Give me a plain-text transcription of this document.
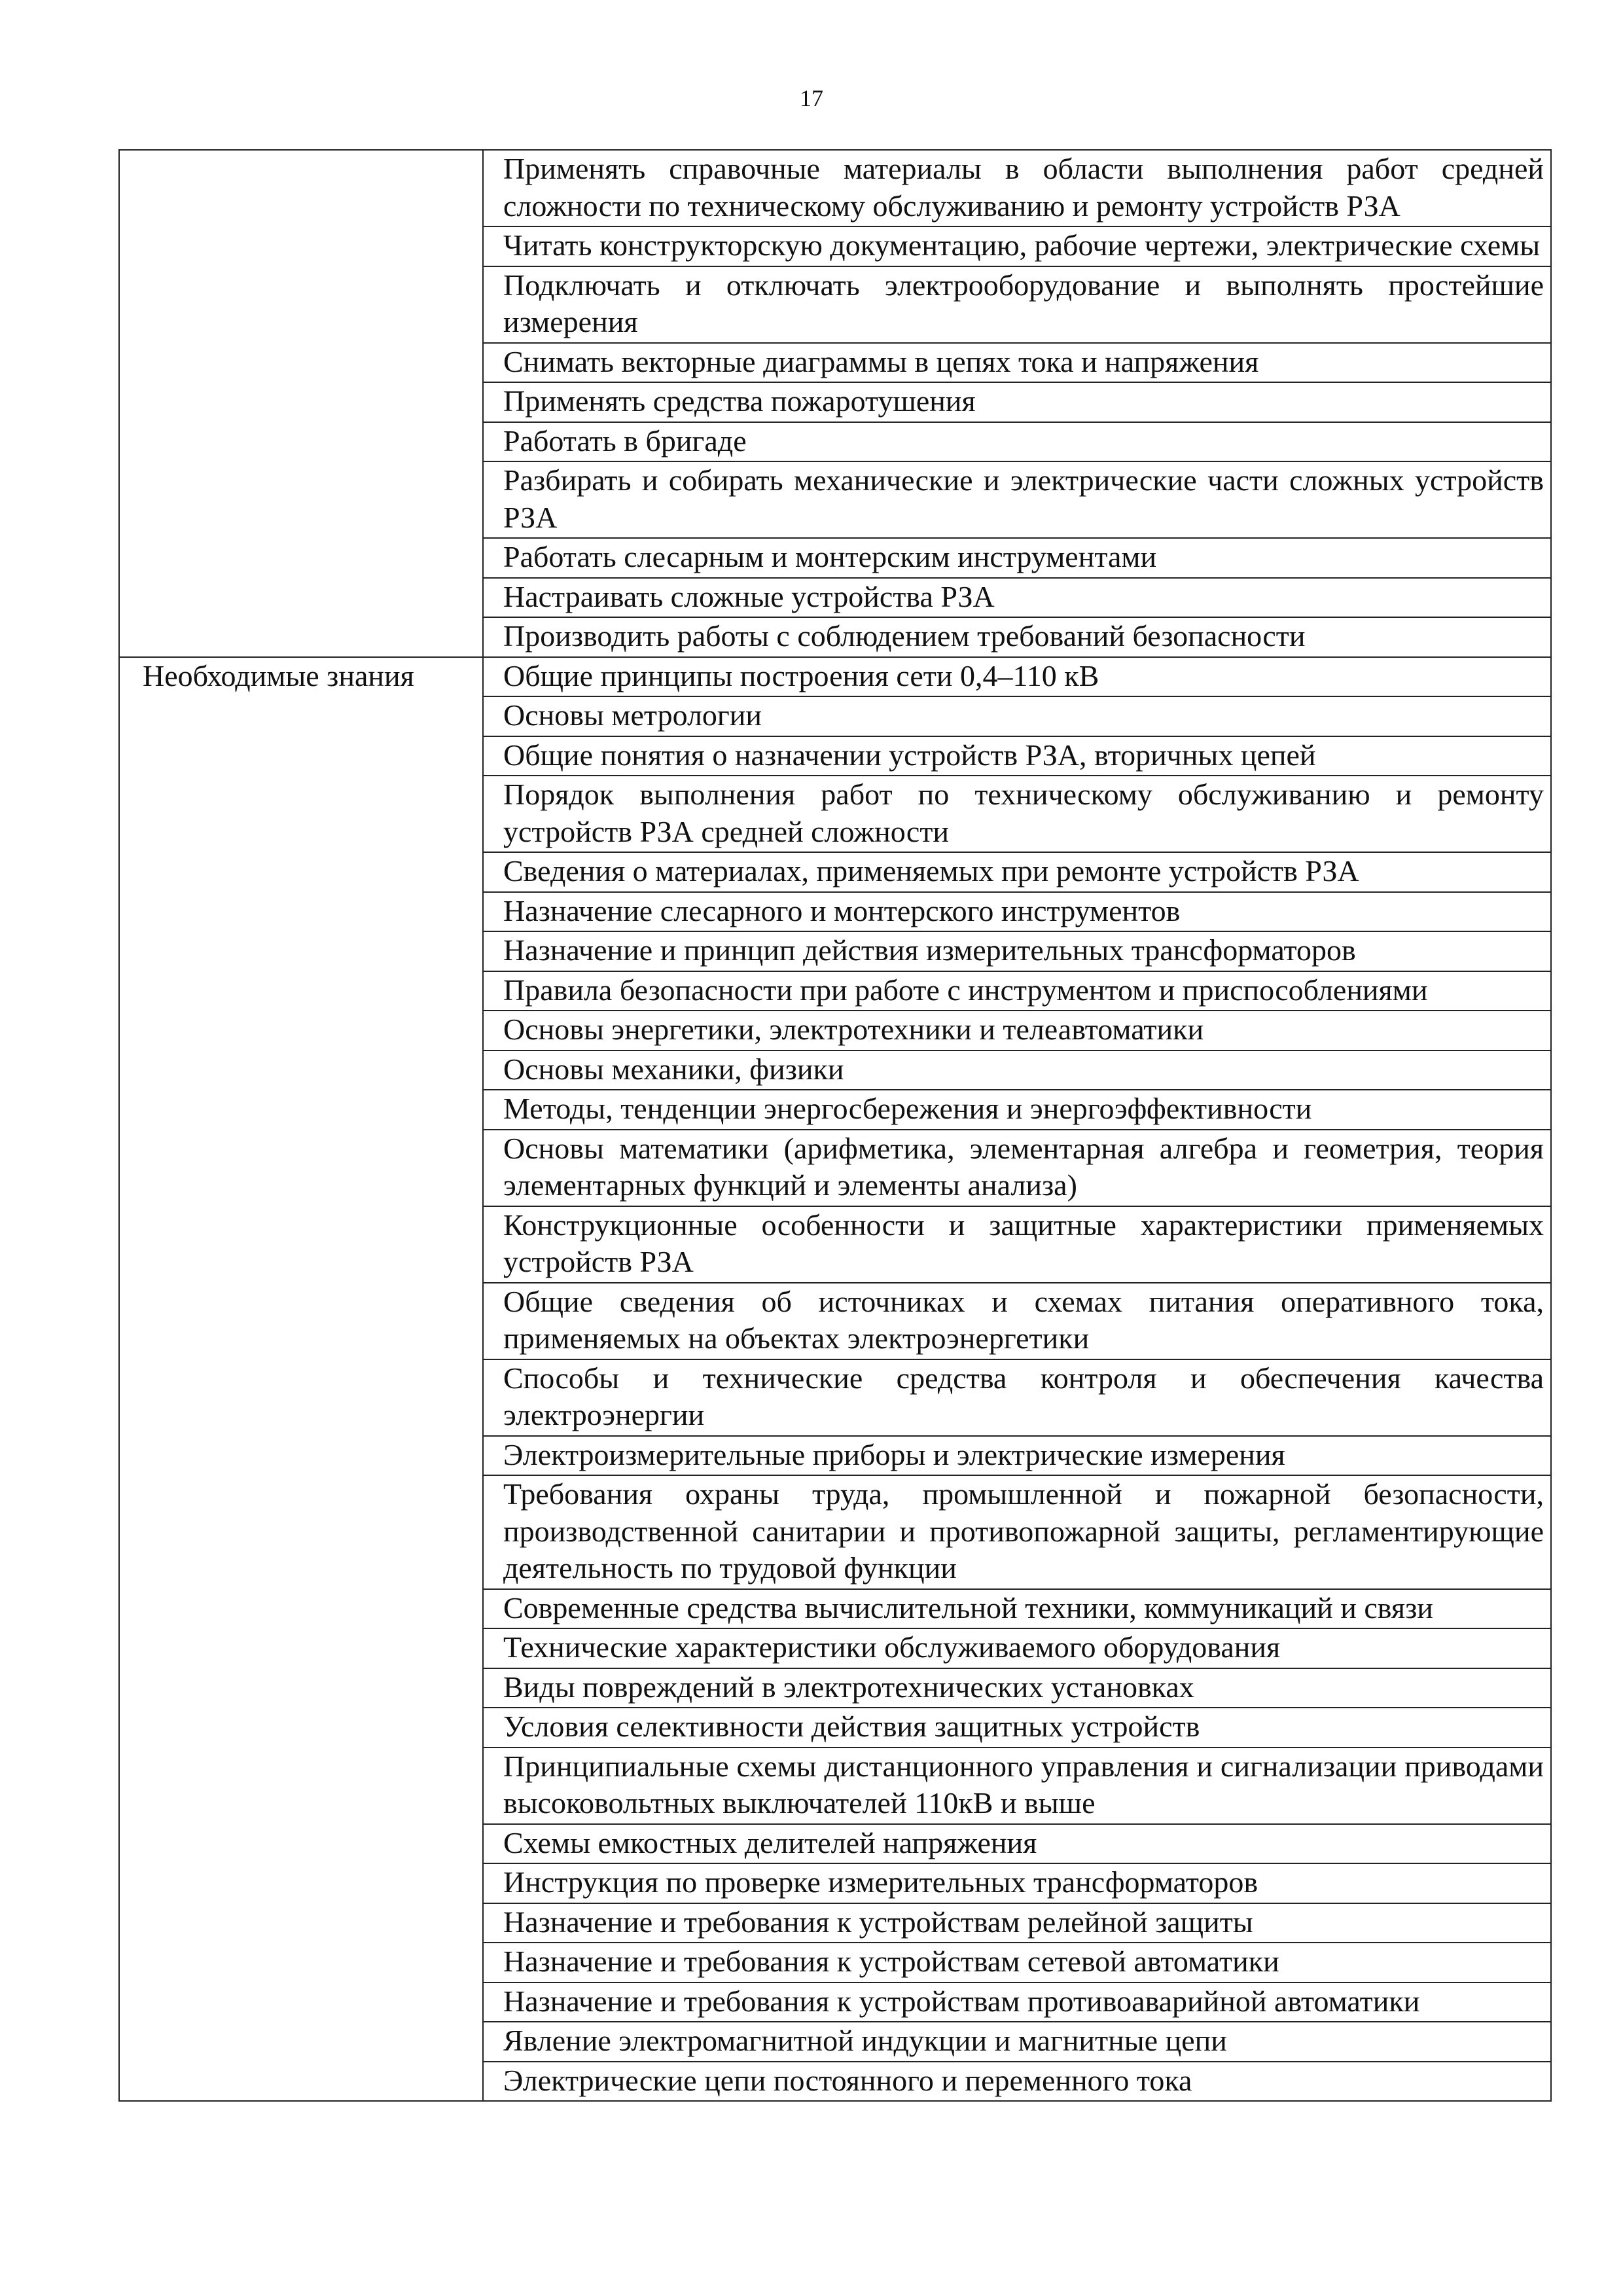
17
	Применять справочные материалы в области выполнения работ средней сложности по техническому обслуживанию и ремонту устройств РЗА
	Читать конструкторскую документацию, рабочие чертежи, электрические схемы
	Подключать и отключать электрооборудование и выполнять простейшие измерения
	Снимать векторные диаграммы в цепях тока и напряжения
	Применять средства пожаротушения
	Работать в бригаде
	Разбирать и собирать механические и электрические части сложных устройств РЗА
	Работать слесарным и монтерским инструментами
	Настраивать сложные устройства РЗА
	Производить работы с соблюдением требований безопасности
Необходимые знания	Общие принципы построения сети 0,4–110 кВ
	Основы метрологии
	Общие понятия о назначении устройств РЗА, вторичных цепей
	Порядок выполнения работ по техническому обслуживанию и ремонту устройств РЗА средней сложности
	Сведения о материалах, применяемых при ремонте устройств РЗА
	Назначение слесарного и монтерского инструментов
	Назначение и принцип действия измерительных трансформаторов
	Правила безопасности при работе с инструментом и приспособлениями
	Основы энергетики, электротехники и телеавтоматики
	Основы механики, физики
	Методы, тенденции энергосбережения и энергоэффективности
	Основы математики (арифметика, элементарная алгебра и геометрия, теория элементарных функций и элементы анализа)
	Конструкционные особенности и защитные характеристики применяемых устройств РЗА
	Общие сведения об источниках и схемах питания оперативного тока, применяемых на объектах электроэнергетики
	Способы и технические средства контроля и обеспечения качества электроэнергии
	Электроизмерительные приборы и электрические измерения
	Требования охраны труда, промышленной и пожарной безопасности, производственной санитарии и противопожарной защиты, регламентирующие деятельность по трудовой функции
	Современные средства вычислительной техники, коммуникаций и связи
	Технические характеристики обслуживаемого оборудования
	Виды повреждений в электротехнических установках
	Условия селективности действия защитных устройств
	Принципиальные схемы дистанционного управления и сигнализации приводами высоковольтных выключателей 110кВ и выше
	Схемы емкостных делителей напряжения
	Инструкция по проверке измерительных трансформаторов
	Назначение и требования к устройствам релейной защиты
	Назначение и требования к устройствам сетевой автоматики
	Назначение и требования к устройствам противоаварийной автоматики
	Явление электромагнитной индукции и магнитные цепи
	Электрические цепи постоянного и переменного тока
